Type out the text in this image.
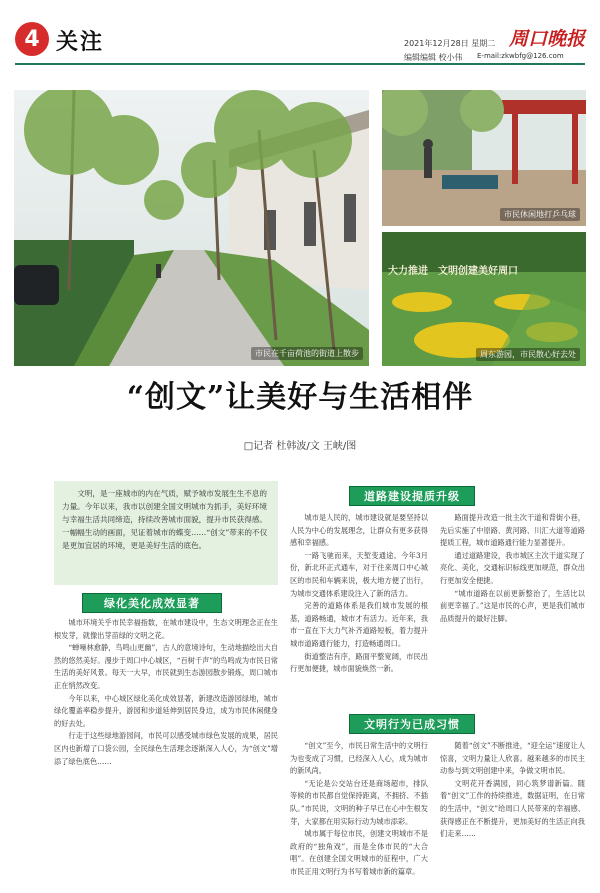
4 关注	2021年12月28日 星期二
编辑编辑 校小伟
周口晚报
E-mail:zkwbfg@126.com
市民在千亩荷池的街道上散步
市民休闲地打乒乓球
大力推进　文明创建美好周口
周东游园，市民散心好去处
“创文”让美好与生活相伴
□记者 杜韩波/文 王峡/图
文明，是一座城市的内在气质，赋予城市发展生生不息的力量。今年以来，我市以创建全国文明城市为抓手，美好环境与幸福生活共同缔造，持续改善城市面貌，提升市民获得感。一幅幅生动的画面，见证着城市的蝶变……“创文”带来的不仅是更加宜居的环境，更是美好生活的底色。
绿化美化成效显著
道路建设提质升级
文明行为已成习惯

城市环境关乎市民幸福指数，在城市建设中，生态文明理念正在生根发芽，就像出芽苗绿的文明之花。

“蝉噪林愈静，鸟鸣山更幽”，古人的意境诗句，生动地描绘出大自然的悠然美好。漫步于周口中心城区，“百树千声”的鸟鸣成为市民日常生活的美好风景。每天一大早，市民就到生态游园散步锻炼，周口城市正在悄然改变。

今年以来，中心城区绿化美化成效显著，新建改造游园绿地，城市绿化覆盖率稳步提升，游园和步道延伸到居民身边，成为市民休闲健身的好去处。

行走于这些绿地游园间，市民可以感受城市绿色发展的成果，居民区内也新增了口袋公园，全民绿色生活理念逐渐深入人心，为“创文”增添了绿色底色……

城市是人民的，城市建设就是要坚持以人民为中心的发展理念，让群众有更多获得感和幸福感。

一路飞驰而来，天堑变通途。今年3月份，新北环正式通车，对于往来周口中心城区的市民和车辆来说，极大地方便了出行，为城市交通体系建设注入了新的活力。

完善的道路体系是我们城市发展的根基，道路畅通，城市才有活力。近年来，我市一直在下大力气补齐道路短板，着力提升城市道路通行能力，打造畅通周口。

街道整洁有序，路面平整宽阔，市民出行更加便捷，城市面貌焕然一新。

路面提升改造一批主次干道和背街小巷，先后实施了中原路、黄河路、川汇大道等道路提质工程，城市道路通行能力显著提升。

通过道路建设，我市城区主次干道实现了亮化、美化，交通标识标线更加规范，群众出行更加安全便捷。

“城市道路在以前更新整治了，生活比以前更幸福了。”这是市民的心声，更是我们城市品质提升的最好注脚。

“创文”至今，市民日常生活中的文明行为也变成了习惯，已经深入人心，成为城市的新风尚。

“无论是公交站台还是商场超市，排队等候的市民都自觉保持距离，不拥挤、不插队。”市民说，文明的种子早已在心中生根发芽，大家都在用实际行动为城市添彩。

城市属于每位市民，创建文明城市不是政府的“独角戏”，而是全体市民的“大合唱”。在创建全国文明城市的征程中，广大市民正用文明行为书写着城市新的篇章。

随着“创文”不断推进，“迎全运”速度让人惊喜，文明力量让人欣喜。越来越多的市民主动参与到文明创建中来，争做文明市民。

文明花开香满园，同心筑梦谱新篇。随着“创文”工作的持续推进，数据证明，在日常的生活中，“创文”给周口人民带来的幸福感、获得感正在不断提升，更加美好的生活正向我们走来……
